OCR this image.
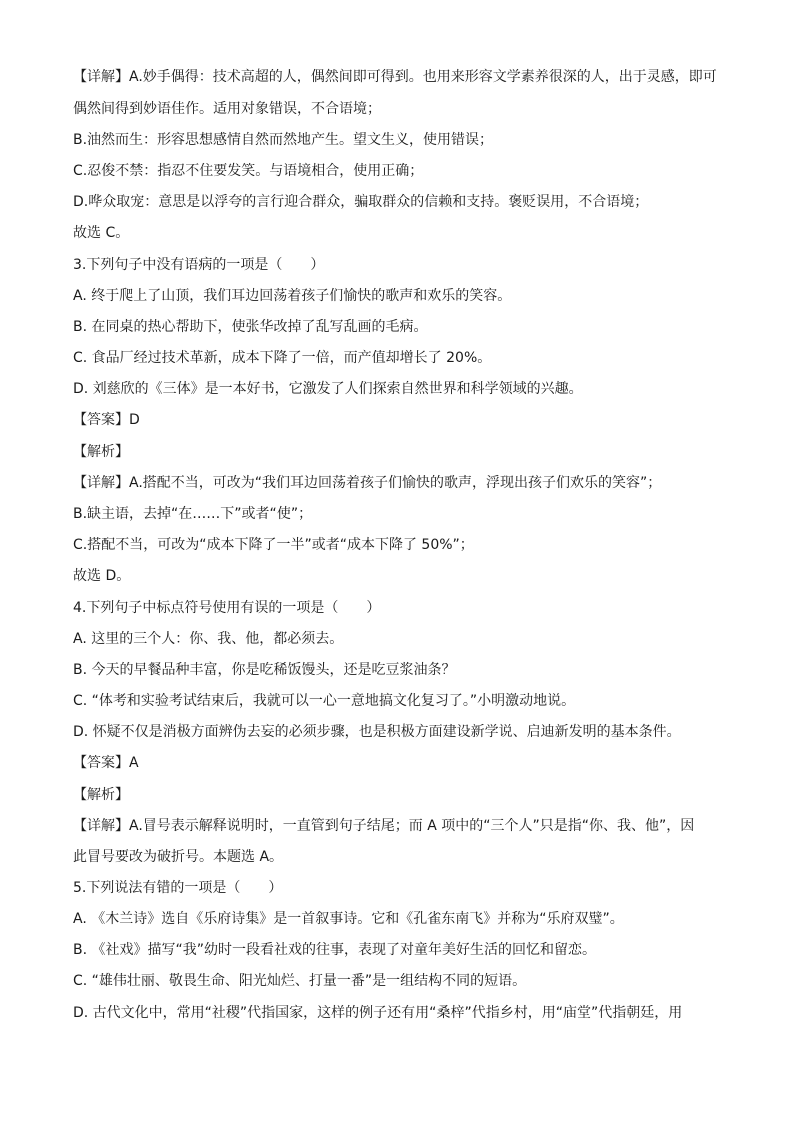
【详解】A.妙手偶得：技术高超的人，偶然间即可得到。也用来形容文学素养很深的人，出于灵感，即可
偶然间得到妙语佳作。适用对象错误，不合语境；
B.油然而生：形容思想感情自然而然地产生。望文生义，使用错误；
C.忍俊不禁：指忍不住要发笑。与语境相合，使用正确；
D.哗众取宠：意思是以浮夸的言行迎合群众，骗取群众的信赖和支持。褒贬误用，不合语境；
故选 C。
3.下列句子中没有语病的一项是（　　）
A. 终于爬上了山顶，我们耳边回荡着孩子们愉快的歌声和欢乐的笑容。
B. 在同桌的热心帮助下，使张华改掉了乱写乱画的毛病。
C. 食品厂经过技术革新，成本下降了一倍，而产值却增长了 20%。
D. 刘慈欣的《三体》是一本好书，它激发了人们探索自然世界和科学领域的兴趣。
【答案】D
【解析】
【详解】A.搭配不当，可改为“我们耳边回荡着孩子们愉快的歌声，浮现出孩子们欢乐的笑容”；
B.缺主语，去掉“在……下”或者“使”；
C.搭配不当，可改为“成本下降了一半”或者“成本下降了 50%”；
故选 D。
4.下列句子中标点符号使用有误的一项是（　　）
A. 这里的三个人：你、我、他，都必须去。
B. 今天的早餐品种丰富，你是吃稀饭馒头，还是吃豆浆油条？
C. “体考和实验考试结束后，我就可以一心一意地搞文化复习了。”小明激动地说。
D. 怀疑不仅是消极方面辨伪去妄的必须步骤，也是积极方面建设新学说、启迪新发明的基本条件。
【答案】A
【解析】
【详解】A.冒号表示解释说明时，一直管到句子结尾；而 A 项中的“三个人”只是指“你、我、他”，因
此冒号要改为破折号。本题选 A。
5.下列说法有错的一项是（　　）
A. 《木兰诗》选自《乐府诗集》是一首叙事诗。它和《孔雀东南飞》并称为“乐府双璧”。
B. 《社戏》描写“我”幼时一段看社戏的往事，表现了对童年美好生活的回忆和留恋。
C. “雄伟壮丽、敬畏生命、阳光灿烂、打量一番”是一组结构不同的短语。
D. 古代文化中，常用“社稷”代指国家，这样的例子还有用“桑梓”代指乡村，用“庙堂”代指朝廷，用
